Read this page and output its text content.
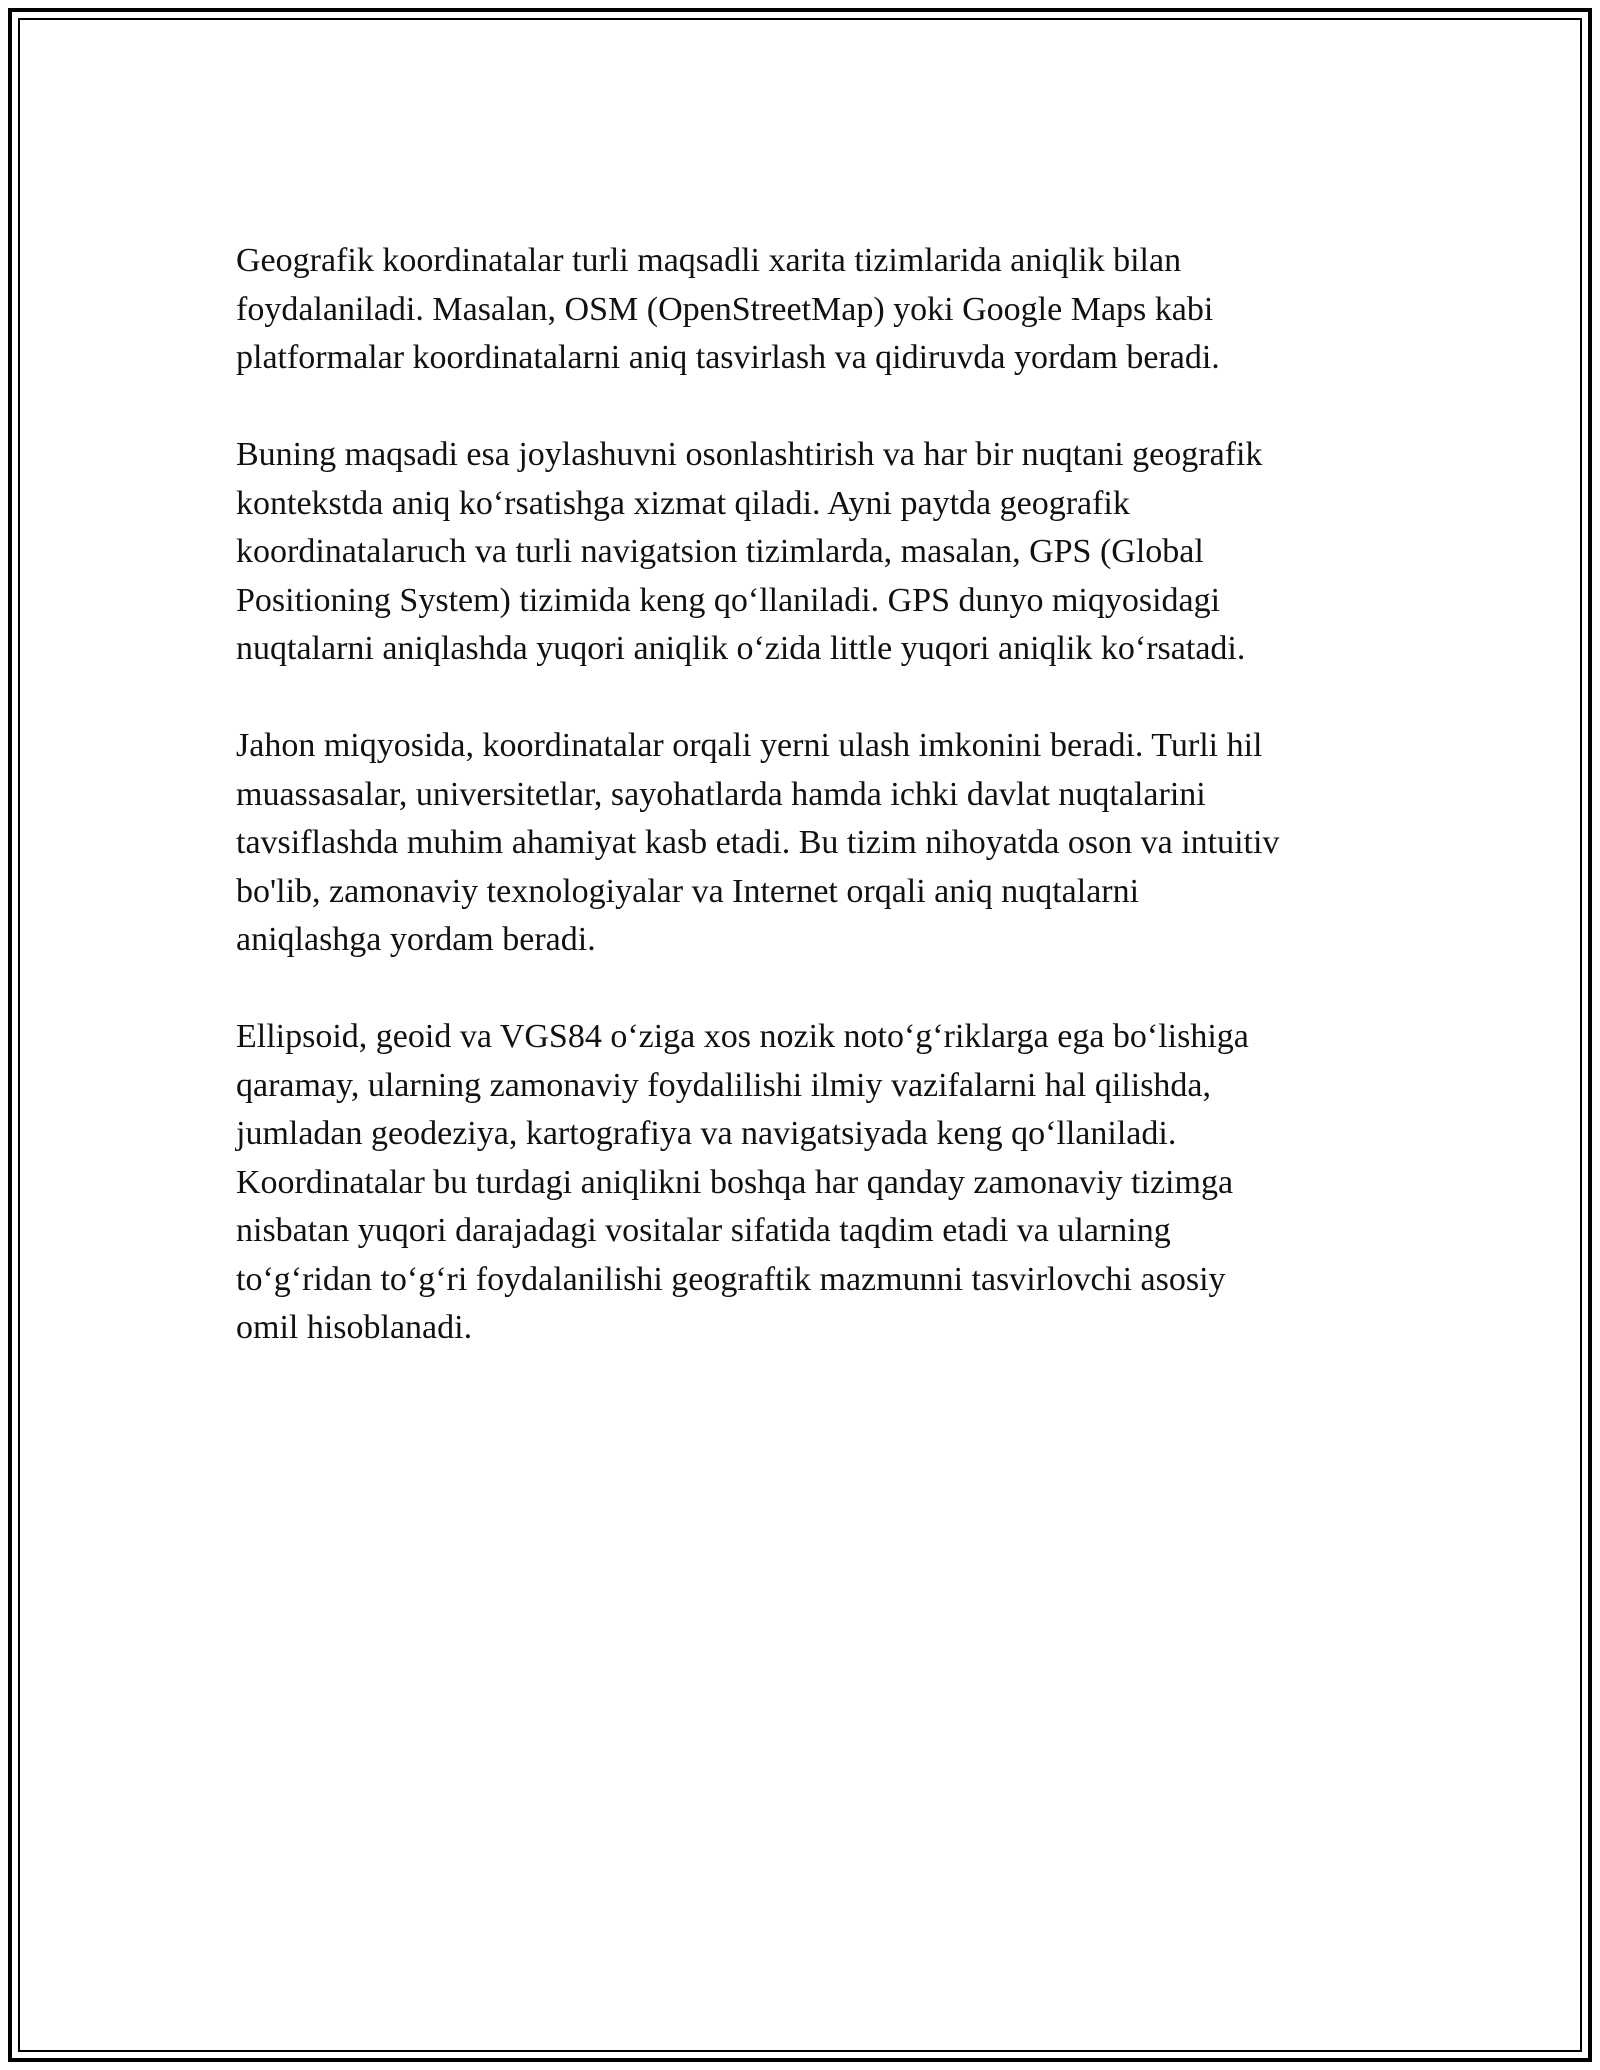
Geografik koordinatalar turli maqsadli xarita tizimlarida aniqlik bilan
foydalaniladi. Masalan, OSM (OpenStreetMap) yoki Google Maps kabi
platformalar koordinatalarni aniq tasvirlash va qidiruvda yordam beradi.

Buning maqsadi esa joylashuvni osonlashtirish va har bir nuqtani geografik
kontekstda aniq ko‘rsatishga xizmat qiladi. Ayni paytda geografik
koordinatalaruch va turli navigatsion tizimlarda, masalan, GPS (Global
Positioning System) tizimida keng qo‘llaniladi. GPS dunyo miqyosidagi
nuqtalarni aniqlashda yuqori aniqlik o‘zida little yuqori aniqlik ko‘rsatadi.

Jahon miqyosida, koordinatalar orqali yerni ulash imkonini beradi. Turli hil
muassasalar, universitetlar, sayohatlarda hamda ichki davlat nuqtalarini
tavsiflashda muhim ahamiyat kasb etadi. Bu tizim nihoyatda oson va intuitiv
bo'lib, zamonaviy texnologiyalar va Internet orqali aniq nuqtalarni
aniqlashga yordam beradi.

Ellipsoid, geoid va VGS84 o‘ziga xos nozik noto‘g‘riklarga ega bo‘lishiga
qaramay, ularning zamonaviy foydalilishi ilmiy vazifalarni hal qilishda,
jumladan geodeziya, kartografiya va navigatsiyada keng qo‘llaniladi.
Koordinatalar bu turdagi aniqlikni boshqa har qanday zamonaviy tizimga
nisbatan yuqori darajadagi vositalar sifatida taqdim etadi va ularning
to‘g‘ridan to‘g‘ri foydalanilishi geograftik mazmunni tasvirlovchi asosiy
omil hisoblanadi.
